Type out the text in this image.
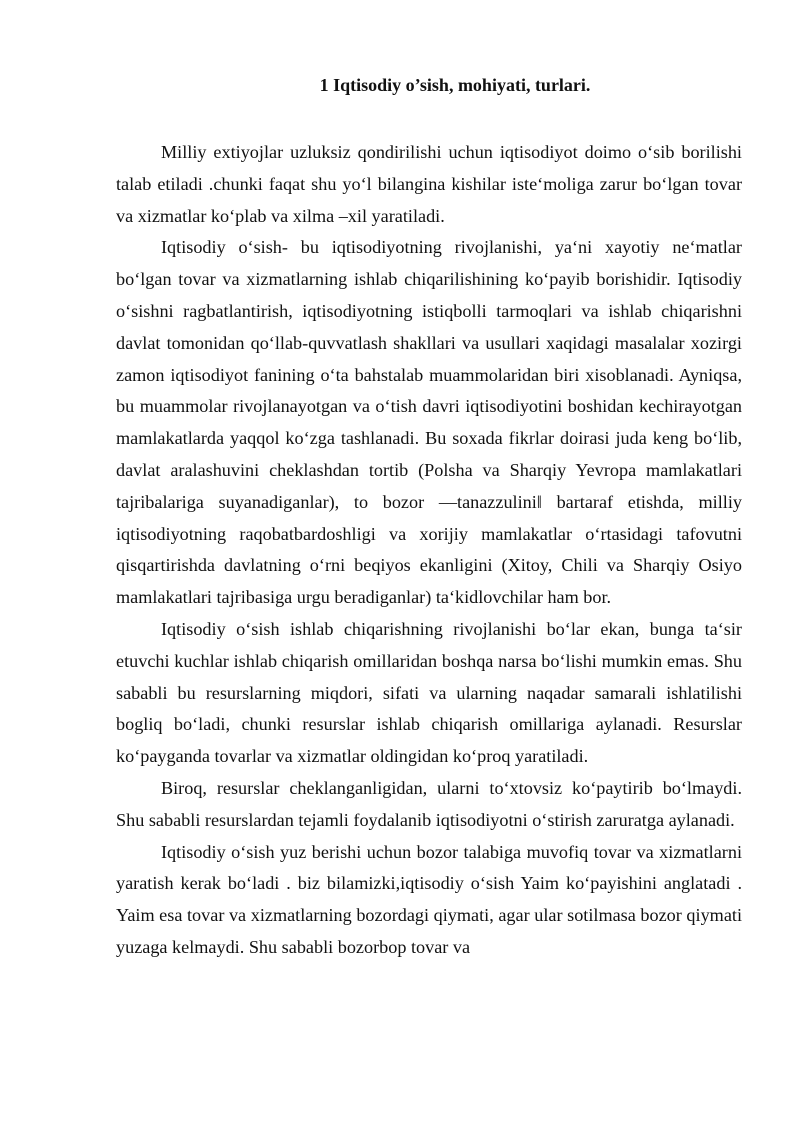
1 Iqtisodiy o’sish, mohiyati, turlari.

Milliy extiyojlar uzluksiz qondirilishi uchun iqtisodiyot doimo o‘sib borilishi talab etiladi .chunki faqat shu yo‘l bilangina kishilar iste‘moliga zarur bo‘lgan tovar va xizmatlar ko‘plab va xilma –xil yaratiladi.

Iqtisodiy o‘sish- bu iqtisodiyotning rivojlanishi, ya‘ni xayotiy ne‘matlar bo‘lgan tovar va xizmatlarning ishlab chiqarilishining ko‘payib borishidir. Iqtisodiy o‘sishni ragbatlantirish, iqtisodiyotning istiqbolli tarmoqlari va ishlab chiqarishni davlat tomonidan qo‘llab-quvvatlash shakllari va usullari xaqidagi masalalar xozirgi zamon iqtisodiyot fanining o‘ta bahstalab muammolaridan biri xisoblanadi. Ayniqsa, bu muammolar rivojlanayotgan va o‘tish davri iqtisodiyotini boshidan kechirayotgan mamlakatlarda yaqqol ko‘zga tashlanadi. Bu soxada fikrlar doirasi juda keng bo‘lib, davlat aralashuvini cheklashdan tortib (Polsha va Sharqiy Yevropa mamlakatlari tajribalariga suyanadiganlar), to bozor ―tanazzulini‖ bartaraf etishda, milliy iqtisodiyotning raqobatbardoshligi va xorijiy mamlakatlar o‘rtasidagi tafovutni qisqartirishda davlatning o‘rni beqiyos ekanligini (Xitoy, Chili va Sharqiy Osiyo mamlakatlari tajribasiga urgu beradiganlar) ta‘kidlovchilar ham bor.

Iqtisodiy o‘sish ishlab chiqarishning rivojlanishi bo‘lar ekan, bunga ta‘sir etuvchi kuchlar ishlab chiqarish omillaridan boshqa narsa bo‘lishi mumkin emas. Shu sababli bu resurslarning miqdori, sifati va ularning naqadar samarali ishlatilishi bogliq bo‘ladi, chunki resurslar ishlab chiqarish omillariga aylanadi. Resurslar ko‘payganda tovarlar va xizmatlar oldingidan ko‘proq yaratiladi.

Biroq, resurslar cheklanganligidan, ularni to‘xtovsiz ko‘paytirib bo‘lmaydi. Shu sababli resurslardan tejamli foydalanib iqtisodiyotni o‘stirish zaruratga aylanadi.

Iqtisodiy o‘sish yuz berishi uchun bozor talabiga muvofiq tovar va xizmatlarni yaratish kerak bo‘ladi . biz bilamizki,iqtisodiy o‘sish Yaim ko‘payishini anglatadi . Yaim esa tovar va xizmatlarning bozordagi qiymati, agar ular sotilmasa bozor qiymati yuzaga kelmaydi. Shu sababli bozorbop tovar va
